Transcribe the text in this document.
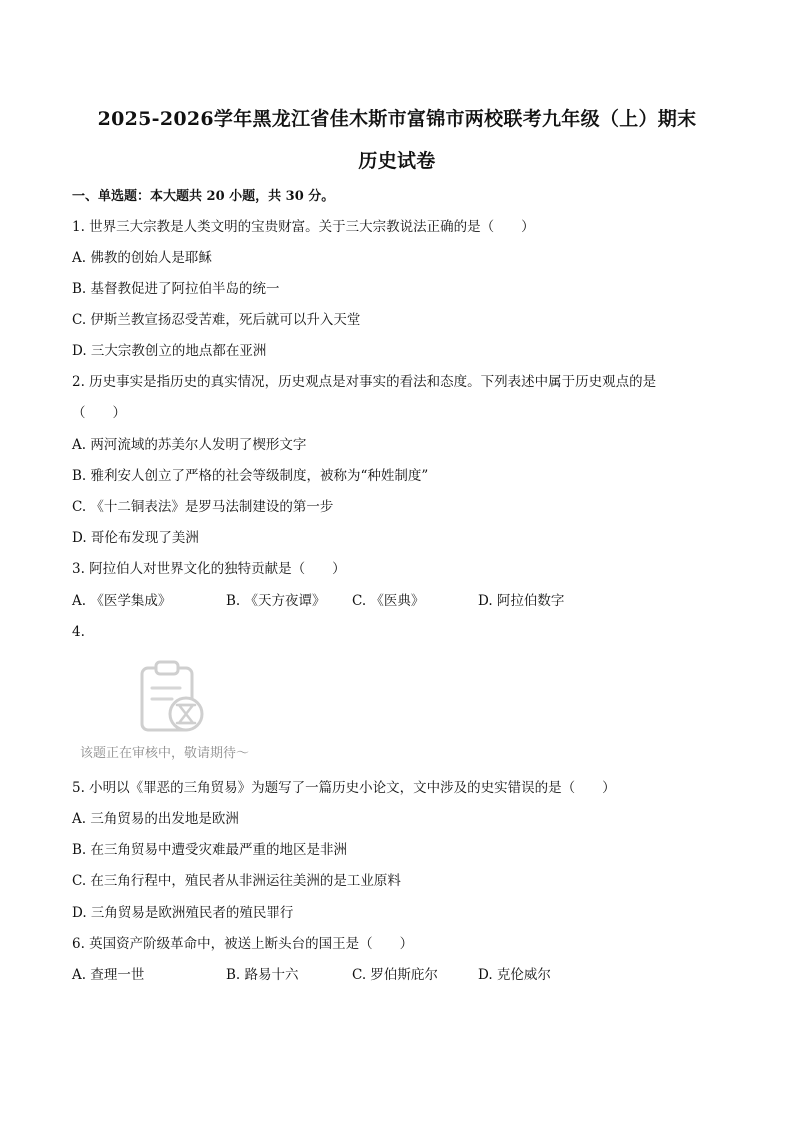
2025-2026学年黑龙江省佳木斯市富锦市两校联考九年级（上）期末
历史试卷
一、单选题：本大题共 20 小题，共 30 分。
1. 世界三大宗教是人类文明的宝贵财富。关于三大宗教说法正确的是（　　）
A. 佛教的创始人是耶稣
B. 基督教促进了阿拉伯半岛的统一
C. 伊斯兰教宣扬忍受苦难，死后就可以升入天堂
D. 三大宗教创立的地点都在亚洲
2. 历史事实是指历史的真实情况，历史观点是对事实的看法和态度。下列表述中属于历史观点的是
（　　）
A. 两河流域的苏美尔人发明了楔形文字
B. 雅利安人创立了严格的社会等级制度，被称为“种姓制度”
C. 《十二铜表法》是罗马法制建设的第一步
D. 哥伦布发现了美洲
3. 阿拉伯人对世界文化的独特贡献是（　　）
A. 《医学集成》	B. 《天方夜谭》 C. 《医典》	D. 阿拉伯数字
4.
该题正在审核中，敬请期待～
5. 小明以《罪恶的三角贸易》为题写了一篇历史小论文，文中涉及的史实错误的是（　　）
A. 三角贸易的出发地是欧洲
B. 在三角贸易中遭受灾难最严重的地区是非洲
C. 在三角行程中，殖民者从非洲运往美洲的是工业原料
D. 三角贸易是欧洲殖民者的殖民罪行
6. 英国资产阶级革命中，被送上断头台的国王是（　　）
A. 查理一世	B. 路易十六	C. 罗伯斯庇尔	D. 克伦威尔
